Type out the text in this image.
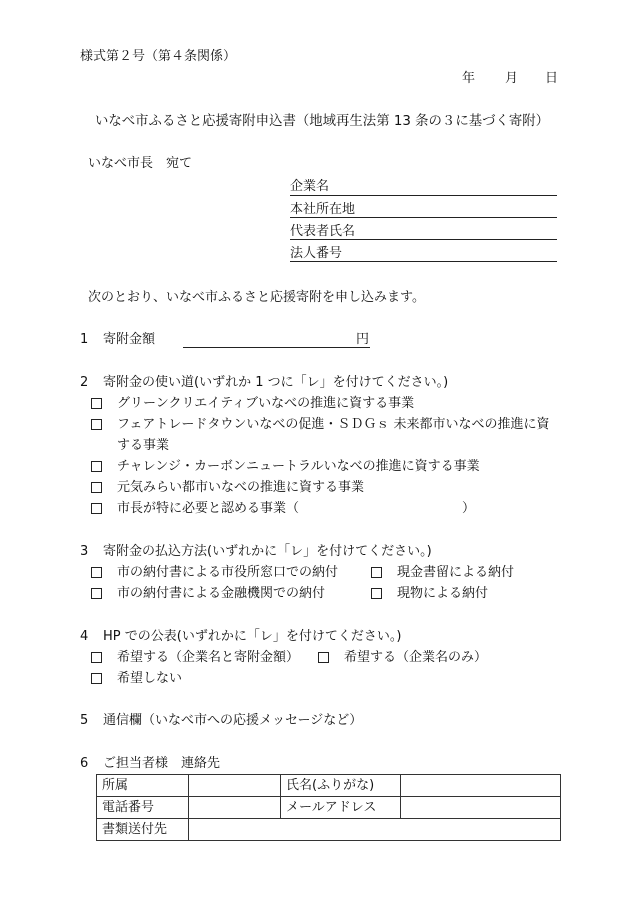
様式第２号（第４条関係）
年 月 日
いなべ市ふるさと応援寄附申込書（地域再生法第 13 条の３に基づく寄附）
いなべ市長　宛て
企業名
本社所在地
代表者氏名
法人番号
次のとおり、いなべ市ふるさと応援寄附を申し込みます。
1 寄附金額	円
2 寄附金の使い道(いずれか 1 つに「レ」を付けてください。)
グリーンクリエイティブいなべの推進に資する事業
フェアトレードタウンいなべの促進・ＳＤＧｓ 未来都市いなべの推進に資
する事業
チャレンジ・カーボンニュートラルいなべの推進に資する事業
元気みらい都市いなべの推進に資する事業
市長が特に必要と認める事業（	）
3 寄附金の払込方法(いずれかに「レ」を付けてください。)
市の納付書による市役所窓口での納付	現金書留による納付
市の納付書による金融機関での納付	現物による納付
4 HP での公表(いずれかに「レ」を付けてください。)
希望する（企業名と寄附金額）	希望する（企業名のみ）
希望しない
5 通信欄（いなべ市への応援メッセージなど）
6 ご担当者様　連絡先
所属		氏名(ふりがな)	
電話番号		メールアドレス	
書類送付先			
